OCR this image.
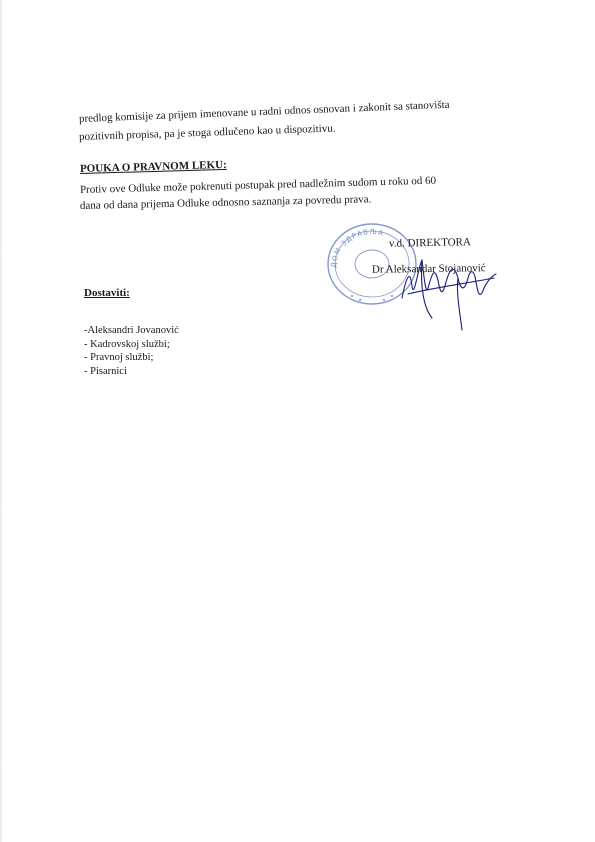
predlog komisije za prijem imenovane u radni odnos osnovan i zakonit sa stanovišta
pozitivnih propisa, pa je stoga odlučeno kao u dispozitivu.
POUKA O PRAVNOM LEKU:
Protiv ove Odluke može pokrenuti postupak pred nadležnim sudom u roku od 60
dana od dana prijema Odluke odnosno saznanja za povredu prava.
ДОМ ЗДРАВЉА
v.d. DIREKTORA
Dr Aleksandar Stojanović
Dostaviti:
-Aleksandri Jovanović
- Kadrovskoj službi;
- Pravnoj službi;
- Pisarnici
